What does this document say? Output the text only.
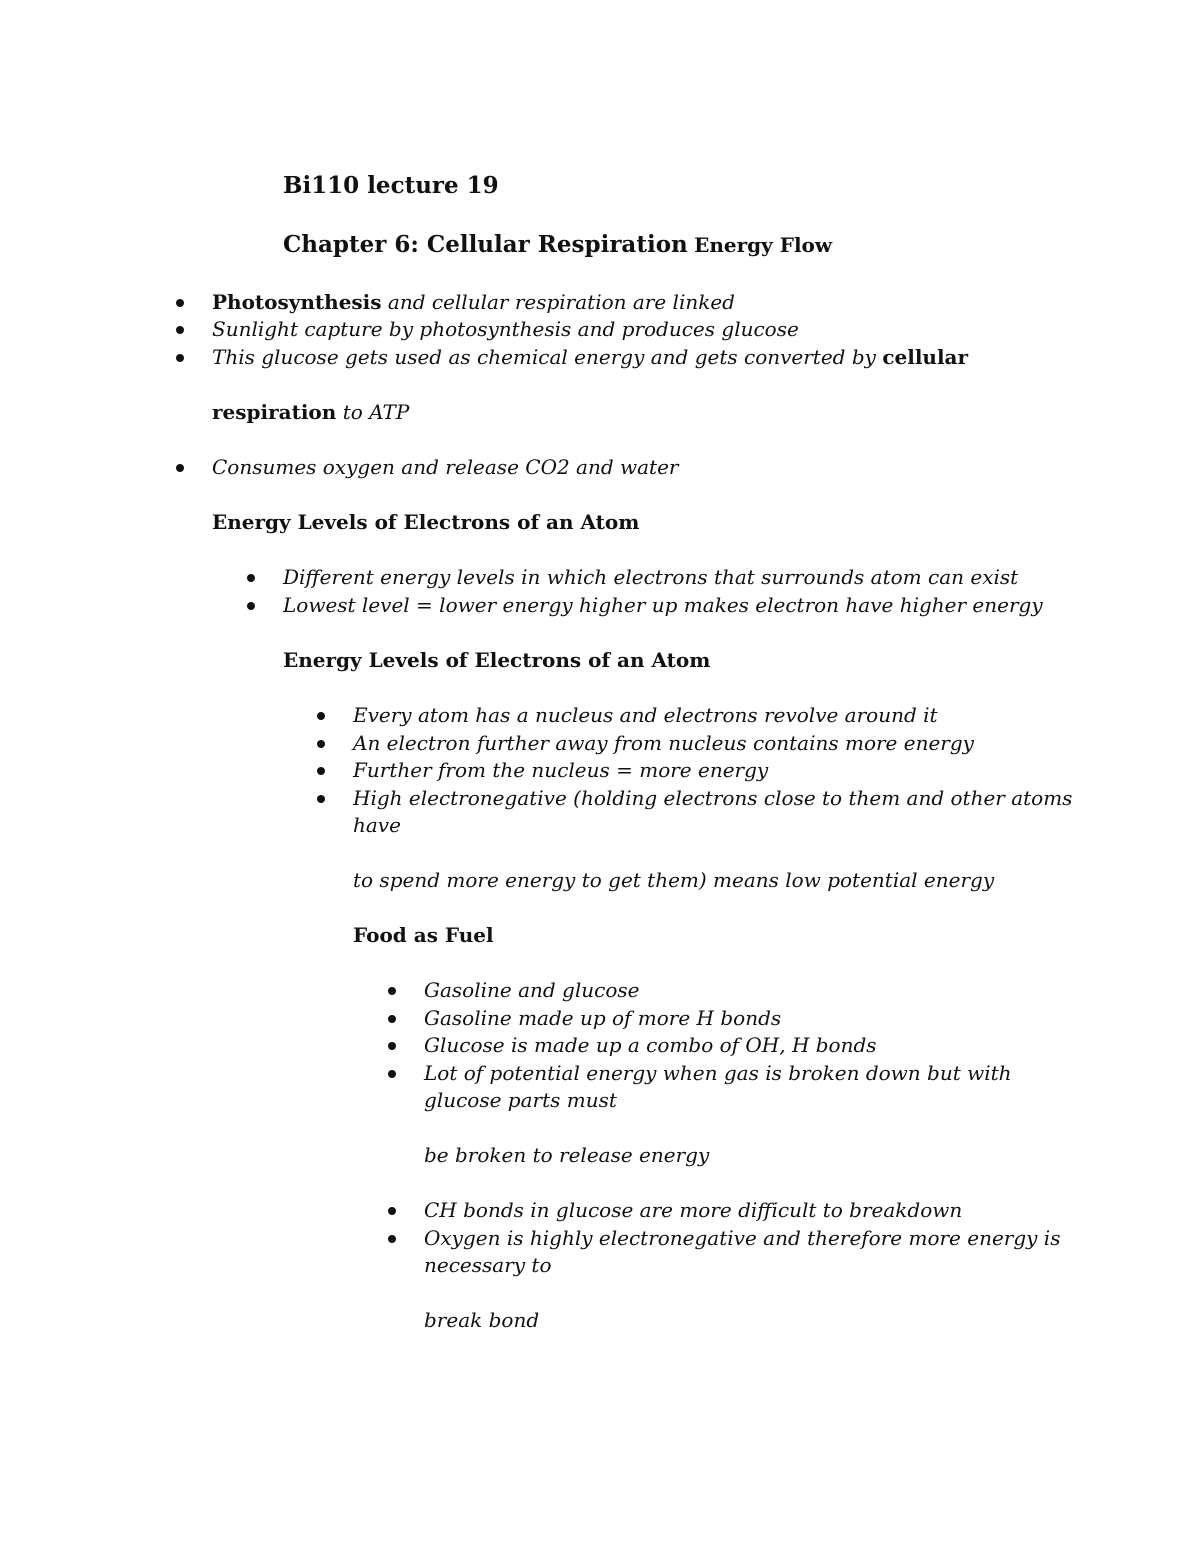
Bi110 lecture 19
Chapter 6: Cellular Respiration Energy Flow
Photosynthesis and cellular respiration are linked
Sunlight capture by photosynthesis and produces glucose
This glucose gets used as chemical energy and gets converted by cellular
respiration to ATP
Consumes oxygen and release CO2 and water
Energy Levels of Electrons of an Atom
Different energy levels in which electrons that surrounds atom can exist
Lowest level = lower energy higher up makes electron have higher energy
Energy Levels of Electrons of an Atom
Every atom has a nucleus and electrons revolve around it
An electron further away from nucleus contains more energy
Further from the nucleus = more energy
High electronegative (holding electrons close to them and other atoms
have
to spend more energy to get them) means low potential energy
Food as Fuel
Gasoline and glucose
Gasoline made up of more H bonds
Glucose is made up a combo of OH, H bonds
Lot of potential energy when gas is broken down but with
glucose parts must
be broken to release energy
CH bonds in glucose are more difficult to breakdown
Oxygen is highly electronegative and therefore more energy is
necessary to
break bond
